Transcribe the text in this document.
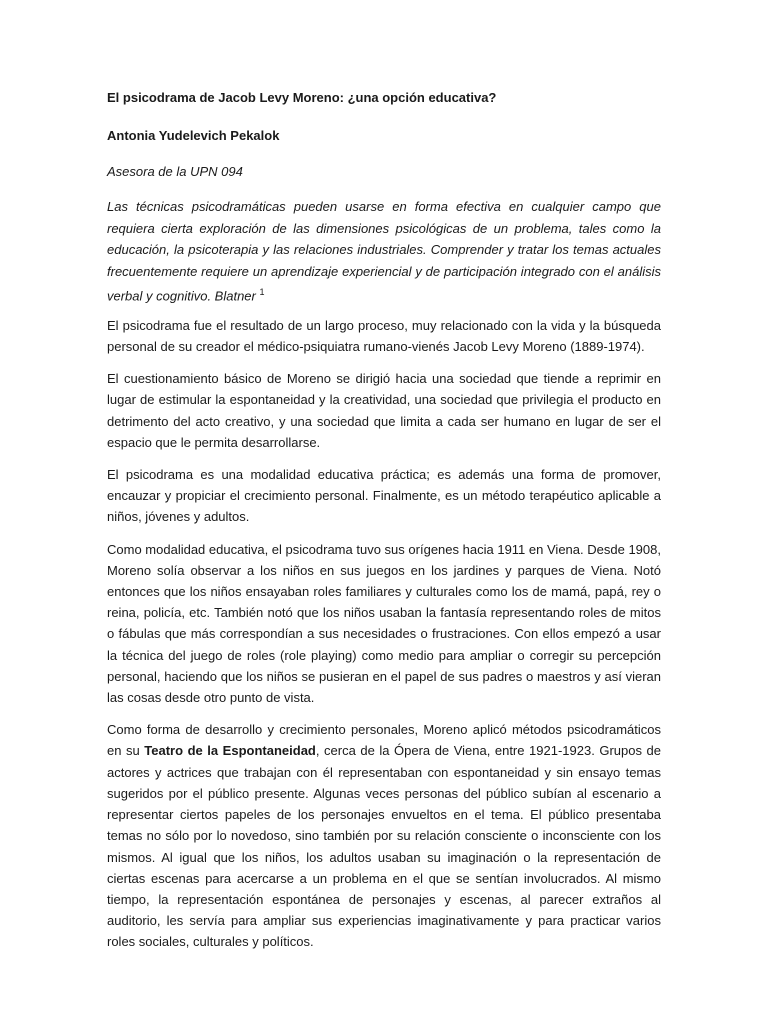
El psicodrama de Jacob Levy Moreno: ¿una opción educativa?

Antonia Yudelevich Pekalok

Asesora de la UPN 094

Las técnicas psicodramáticas pueden usarse en forma efectiva en cualquier campo que requiera cierta exploración de las dimensiones psicológicas de un problema, tales como la educación, la psicoterapia y las relaciones industriales. Comprender y tratar los temas actuales frecuentemente requiere un aprendizaje experiencial y de participación integrado con el análisis verbal y cognitivo. Blatner $^1$

El psicodrama fue el resultado de un largo proceso, muy relacionado con la vida y la búsqueda personal de su creador el médico-psiquiatra rumano-vienés Jacob Levy Moreno (1889-1974).

El cuestionamiento básico de Moreno se dirigió hacia una sociedad que tiende a reprimir en lugar de estimular la espontaneidad y la creatividad, una sociedad que privilegia el producto en detrimento del acto creativo, y una sociedad que limita a cada ser humano en lugar de ser el espacio que le permita desarrollarse.

El psicodrama es una modalidad educativa práctica; es además una forma de promover, encauzar y propiciar el crecimiento personal. Finalmente, es un método terapéutico aplicable a niños, jóvenes y adultos.

Como modalidad educativa, el psicodrama tuvo sus orígenes hacia 1911 en Viena. Desde 1908, Moreno solía observar a los niños en sus juegos en los jardines y parques de Viena. Notó entonces que los niños ensayaban roles familiares y culturales como los de mamá, papá, rey o reina, policía, etc. También notó que los niños usaban la fantasía representando roles de mitos o fábulas que más correspondían a sus necesidades o frustraciones. Con ellos empezó a usar la técnica del juego de roles (role playing) como medio para ampliar o corregir su percepción personal, haciendo que los niños se pusieran en el papel de sus padres o maestros y así vieran las cosas desde otro punto de vista.

Como forma de desarrollo y crecimiento personales, Moreno aplicó métodos psicodramáticos en su Teatro de la Espontaneidad, cerca de la Ópera de Viena, entre 1921-1923. Grupos de actores y actrices que trabajan con él representaban con espontaneidad y sin ensayo temas sugeridos por el público presente. Algunas veces personas del público subían al escenario a representar ciertos papeles de los personajes envueltos en el tema. El público presentaba temas no sólo por lo novedoso, sino también por su relación consciente o inconsciente con los mismos. Al igual que los niños, los adultos usaban su imaginación o la representación de ciertas escenas para acercarse a un problema en el que se sentían involucrados. Al mismo tiempo, la representación espontánea de personajes y escenas, al parecer extraños al auditorio, les servía para ampliar sus experiencias imaginativamente y para practicar varios roles sociales, culturales y políticos.
